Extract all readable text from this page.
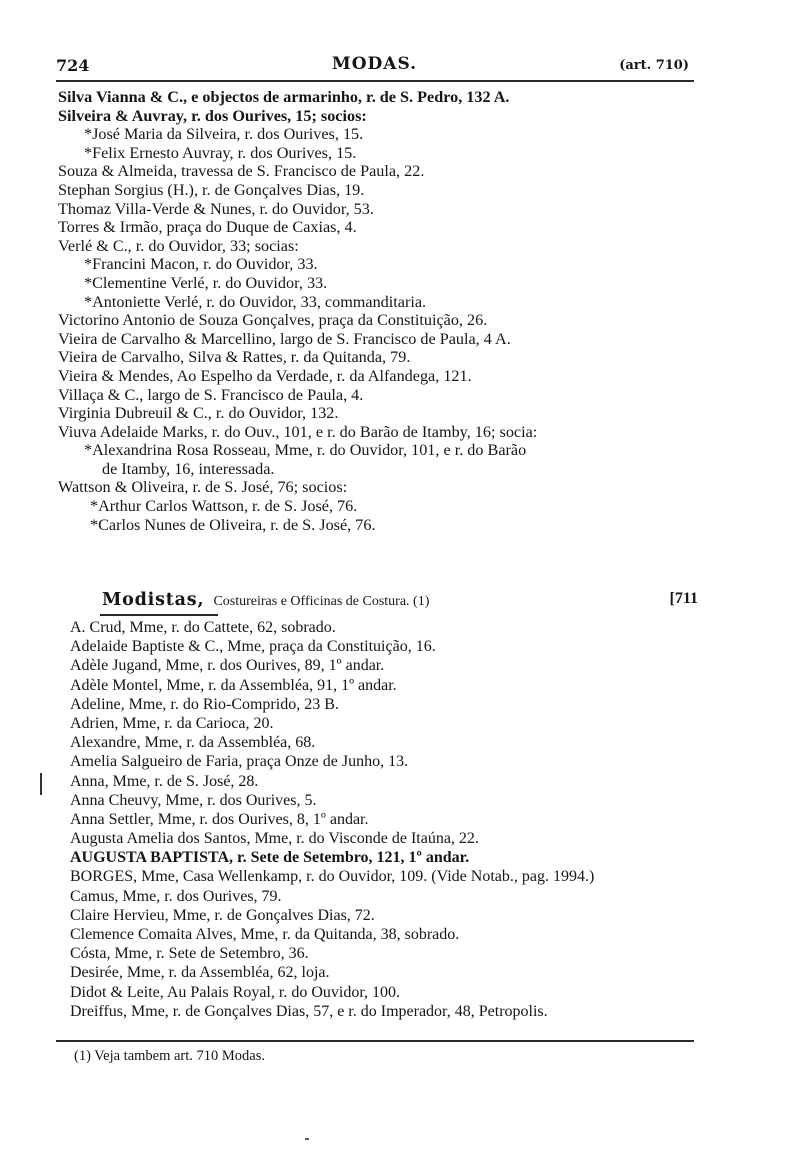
724	MODAS.	(art. 710)
Silva Vianna & C., e objectos de armarinho, r. de S. Pedro, 132 A.
Silveira & Auvray, r. dos Ourives, 15; socios:
*José Maria da Silveira, r. dos Ourives, 15.
*Felix Ernesto Auvray, r. dos Ourives, 15.
Souza & Almeida, travessa de S. Francisco de Paula, 22.
Stephan Sorgius (H.), r. de Gonçalves Dias, 19.
Thomaz Villa-Verde & Nunes, r. do Ouvidor, 53.
Torres & Irmão, praça do Duque de Caxias, 4.
Verlé & C., r. do Ouvidor, 33; socias:
*Francini Macon, r. do Ouvidor, 33.
*Clementine Verlé, r. do Ouvidor, 33.
*Antoniette Verlé, r. do Ouvidor, 33, commanditaria.
Victorino Antonio de Souza Gonçalves, praça da Constituição, 26.
Vieira de Carvalho & Marcellino, largo de S. Francisco de Paula, 4 A.
Vieira de Carvalho, Silva & Rattes, r. da Quitanda, 79.
Vieira & Mendes, Ao Espelho da Verdade, r. da Alfandega, 121.
Villaça & C., largo de S. Francisco de Paula, 4.
Virginia Dubreuil & C., r. do Ouvidor, 132.
Viuva Adelaide Marks, r. do Ouv., 101, e r. do Barão de Itamby, 16; socia:
*Alexandrina Rosa Rosseau, Mme, r. do Ouvidor, 101, e r. do Barão
de Itamby, 16, interessada.
Wattson & Oliveira, r. de S. José, 76; socios:
*Arthur Carlos Wattson, r. de S. José, 76.
*Carlos Nunes de Oliveira, r. de S. José, 76.
Modistas, Costureiras e Officinas de Costura. (1)	[711
A. Crud, Mme, r. do Cattete, 62, sobrado.
Adelaide Baptiste & C., Mme, praça da Constituição, 16.
Adèle Jugand, Mme, r. dos Ourives, 89, 1º andar.
Adèle Montel, Mme, r. da Assembléa, 91, 1º andar.
Adeline, Mme, r. do Rio-Comprido, 23 B.
Adrien, Mme, r. da Carioca, 20.
Alexandre, Mme, r. da Assembléa, 68.
Amelia Salgueiro de Faria, praça Onze de Junho, 13.
Anna, Mme, r. de S. José, 28.
Anna Cheuvy, Mme, r. dos Ourives, 5.
Anna Settler, Mme, r. dos Ourives, 8, 1º andar.
Augusta Amelia dos Santos, Mme, r. do Visconde de Itaúna, 22.
AUGUSTA BAPTISTA, r. Sete de Setembro, 121, 1º andar.
BORGES, Mme, Casa Wellenkamp, r. do Ouvidor, 109. (Vide Notab., pag. 1994.)
Camus, Mme, r. dos Ourives, 79.
Claire Hervieu, Mme, r. de Gonçalves Dias, 72.
Clemence Comaita Alves, Mme, r. da Quitanda, 38, sobrado.
Cósta, Mme, r. Sete de Setembro, 36.
Desirée, Mme, r. da Assembléa, 62, loja.
Didot & Leite, Au Palais Royal, r. do Ouvidor, 100.
Dreiffus, Mme, r. de Gonçalves Dias, 57, e r. do Imperador, 48, Petropolis.
(1) Veja tambem art. 710 Modas.
